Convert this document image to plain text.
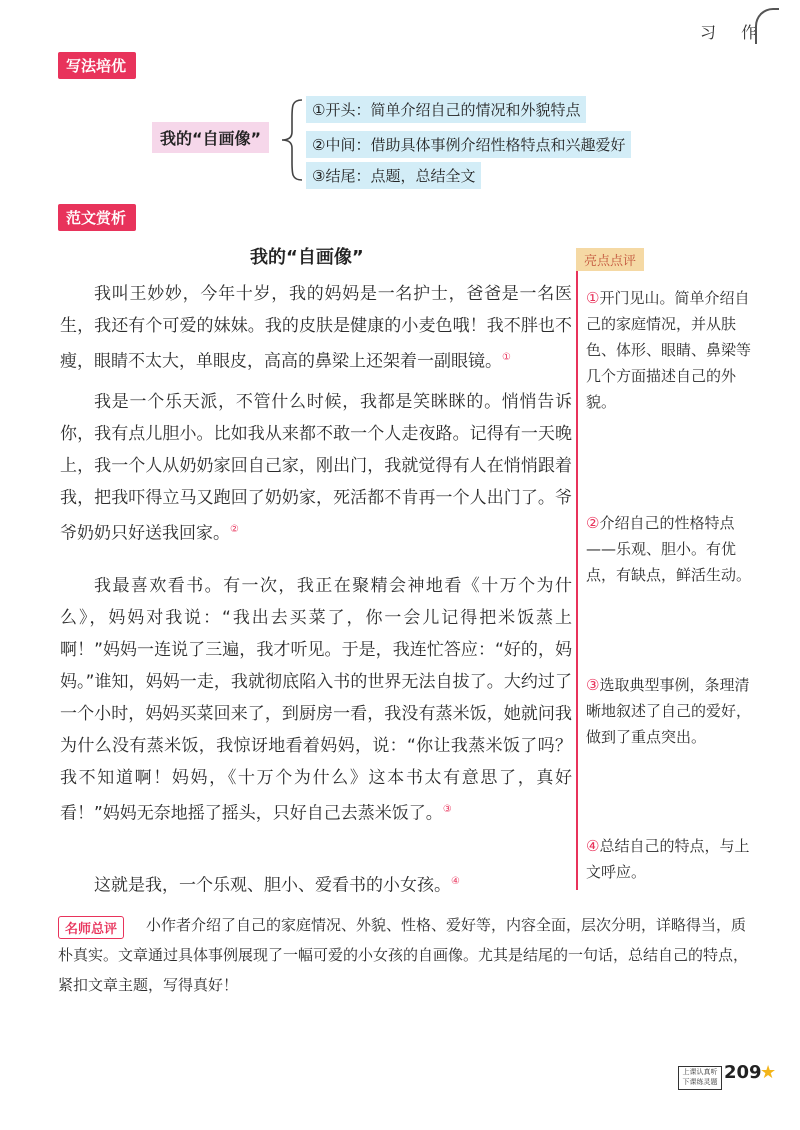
习 作
写法培优
我的“自画像”
①开头：简单介绍自己的情况和外貌特点
②中间：借助具体事例介绍性格特点和兴趣爱好
③结尾：点题，总结全文
范文赏析
我的“自画像”

我叫王妙妙，今年十岁，我的妈妈是一名护士，爸爸是一名医生，我还有个可爱的妹妹。我的皮肤是健康的小麦色哦！我不胖也不瘦，眼睛不太大，单眼皮，高高的鼻梁上还架着一副眼镜。①

我是一个乐天派，不管什么时候，我都是笑眯眯的。悄悄告诉你，我有点儿胆小。比如我从来都不敢一个人走夜路。记得有一天晚上，我一个人从奶奶家回自己家，刚出门，我就觉得有人在悄悄跟着我，把我吓得立马又跑回了奶奶家，死活都不肯再一个人出门了。爷爷奶奶只好送我回家。②

我最喜欢看书。有一次，我正在聚精会神地看《十万个为什么》，妈妈对我说：“我出去买菜了，你一会儿记得把米饭蒸上啊！”妈妈一连说了三遍，我才听见。于是，我连忙答应：“好的，妈妈。”谁知，妈妈一走，我就彻底陷入书的世界无法自拔了。大约过了一个小时，妈妈买菜回来了，到厨房一看，我没有蒸米饭，她就问我为什么没有蒸米饭，我惊讶地看着妈妈，说：“你让我蒸米饭了吗？我不知道啊！妈妈，《十万个为什么》这本书太有意思了，真好看！”妈妈无奈地摇了摇头，只好自己去蒸米饭了。③

这就是我，一个乐观、胆小、爱看书的小女孩。④

亮点点评

①开门见山。简单介绍自己的家庭情况，并从肤色、体形、眼睛、鼻梁等几个方面描述自己的外貌。

②介绍自己的性格特点——乐观、胆小。有优点，有缺点，鲜活生动。

③选取典型事例，条理清晰地叙述了自己的爱好，做到了重点突出。

④总结自己的特点，与上文呼应。

小作者介绍了自己的家庭情况、外貌、性格、爱好等，内容全面，层次分明，详略得当，质朴真实。文章通过具体事例展现了一幅可爱的小女孩的自画像。尤其是结尾的一句话，总结自己的特点，紧扣文章主题，写得真好！

名师总评
上课认真听
下课练灵题 209
★
